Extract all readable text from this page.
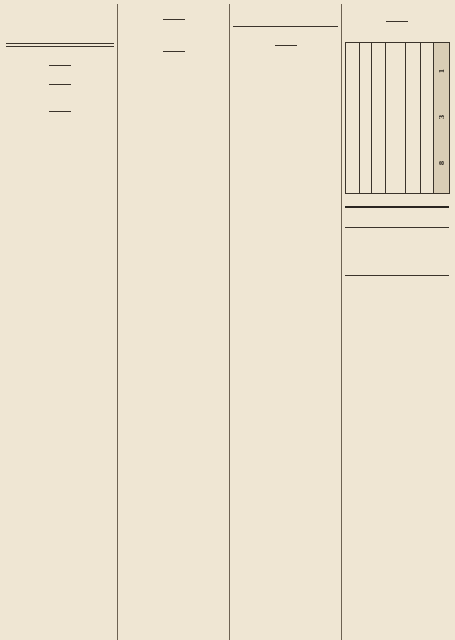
1
3
8
